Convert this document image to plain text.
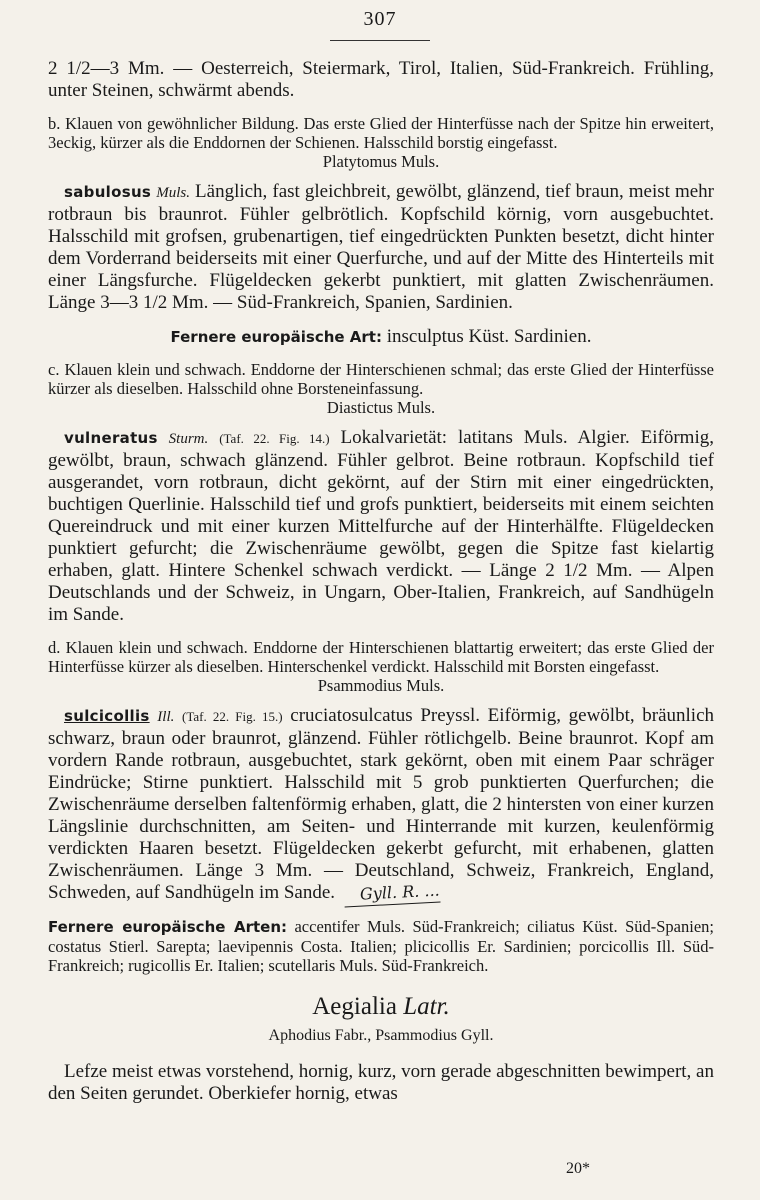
307

2 1/2—3 Mm. — Oesterreich, Steiermark, Tirol, Italien, Süd-Frankreich. Frühling, unter Steinen, schwärmt abends.

b. Klauen von gewöhnlicher Bildung. Das erste Glied der Hinterfüsse nach der Spitze hin erweitert, 3eckig, kürzer als die Enddornen der Schienen. Halsschild borstig eingefasst.
Platytomus Muls.

sabulosus Muls. Länglich, fast gleichbreit, gewölbt, glänzend, tief braun, meist mehr rotbraun bis braunrot. Fühler gelbrötlich. Kopfschild körnig, vorn ausgebuchtet. Halsschild mit grofsen, grubenartigen, tief eingedrückten Punkten besetzt, dicht hinter dem Vorderrand beiderseits mit einer Querfurche, und auf der Mitte des Hinterteils mit einer Längsfurche. Flügeldecken gekerbt punktiert, mit glatten Zwischenräumen. Länge 3—3 1/2 Mm. — Süd-Frankreich, Spanien, Sardinien.

Fernere europäische Art: insculptus Küst. Sardinien.

c. Klauen klein und schwach. Enddorne der Hinterschienen schmal; das erste Glied der Hinterfüsse kürzer als dieselben. Halsschild ohne Borsteneinfassung.
Diastictus Muls.

vulneratus Sturm. (Taf. 22. Fig. 14.) Lokalvarietät: latitans Muls. Algier. Eiförmig, gewölbt, braun, schwach glänzend. Fühler gelbrot. Beine rotbraun. Kopfschild tief ausgerandet, vorn rotbraun, dicht gekörnt, auf der Stirn mit einer eingedrückten, buchtigen Querlinie. Halsschild tief und grofs punktiert, beiderseits mit einem seichten Quereindruck und mit einer kurzen Mittelfurche auf der Hinterhälfte. Flügeldecken punktiert gefurcht; die Zwischenräume gewölbt, gegen die Spitze fast kielartig erhaben, glatt. Hintere Schenkel schwach verdickt. — Länge 2 1/2 Mm. — Alpen Deutschlands und der Schweiz, in Ungarn, Ober-Italien, Frankreich, auf Sandhügeln im Sande.

d. Klauen klein und schwach. Enddorne der Hinterschienen blattartig erweitert; das erste Glied der Hinterfüsse kürzer als dieselben. Hinterschenkel verdickt. Halsschild mit Borsten eingefasst.
Psammodius Muls.

sulcicollis Ill. (Taf. 22. Fig. 15.) cruciatosulcatus Preyssl. Eiförmig, gewölbt, bräunlich schwarz, braun oder braunrot, glänzend. Fühler rötlichgelb. Beine braunrot. Kopf am vordern Rande rotbraun, ausgebuchtet, stark gekörnt, oben mit einem Paar schräger Eindrücke; Stirne punktiert. Halsschild mit 5 grob punktierten Querfurchen; die Zwischenräume derselben faltenförmig erhaben, glatt, die 2 hintersten von einer kurzen Längslinie durchschnitten, am Seiten- und Hinterrande mit kurzen, keulenförmig verdickten Haaren besetzt. Flügeldecken gekerbt gefurcht, mit erhabenen, glatten Zwischenräumen. Länge 3 Mm. — Deutschland, Schweiz, Frankreich, England, Schweden, auf Sandhügeln im Sande. Gyll. R. ...

Fernere europäische Arten: accentifer Muls. Süd-Frankreich; ciliatus Küst. Süd-Spanien; costatus Stierl. Sarepta; laevipennis Costa. Italien; plicicollis Er. Sardinien; porcicollis Ill. Süd-Frankreich; rugicollis Er. Italien; scutellaris Muls. Süd-Frankreich.

Aegialia Latr.
Aphodius Fabr., Psammodius Gyll.

Lefze meist etwas vorstehend, hornig, kurz, vorn gerade abgeschnitten bewimpert, an den Seiten gerundet. Oberkiefer hornig, etwas

20*
